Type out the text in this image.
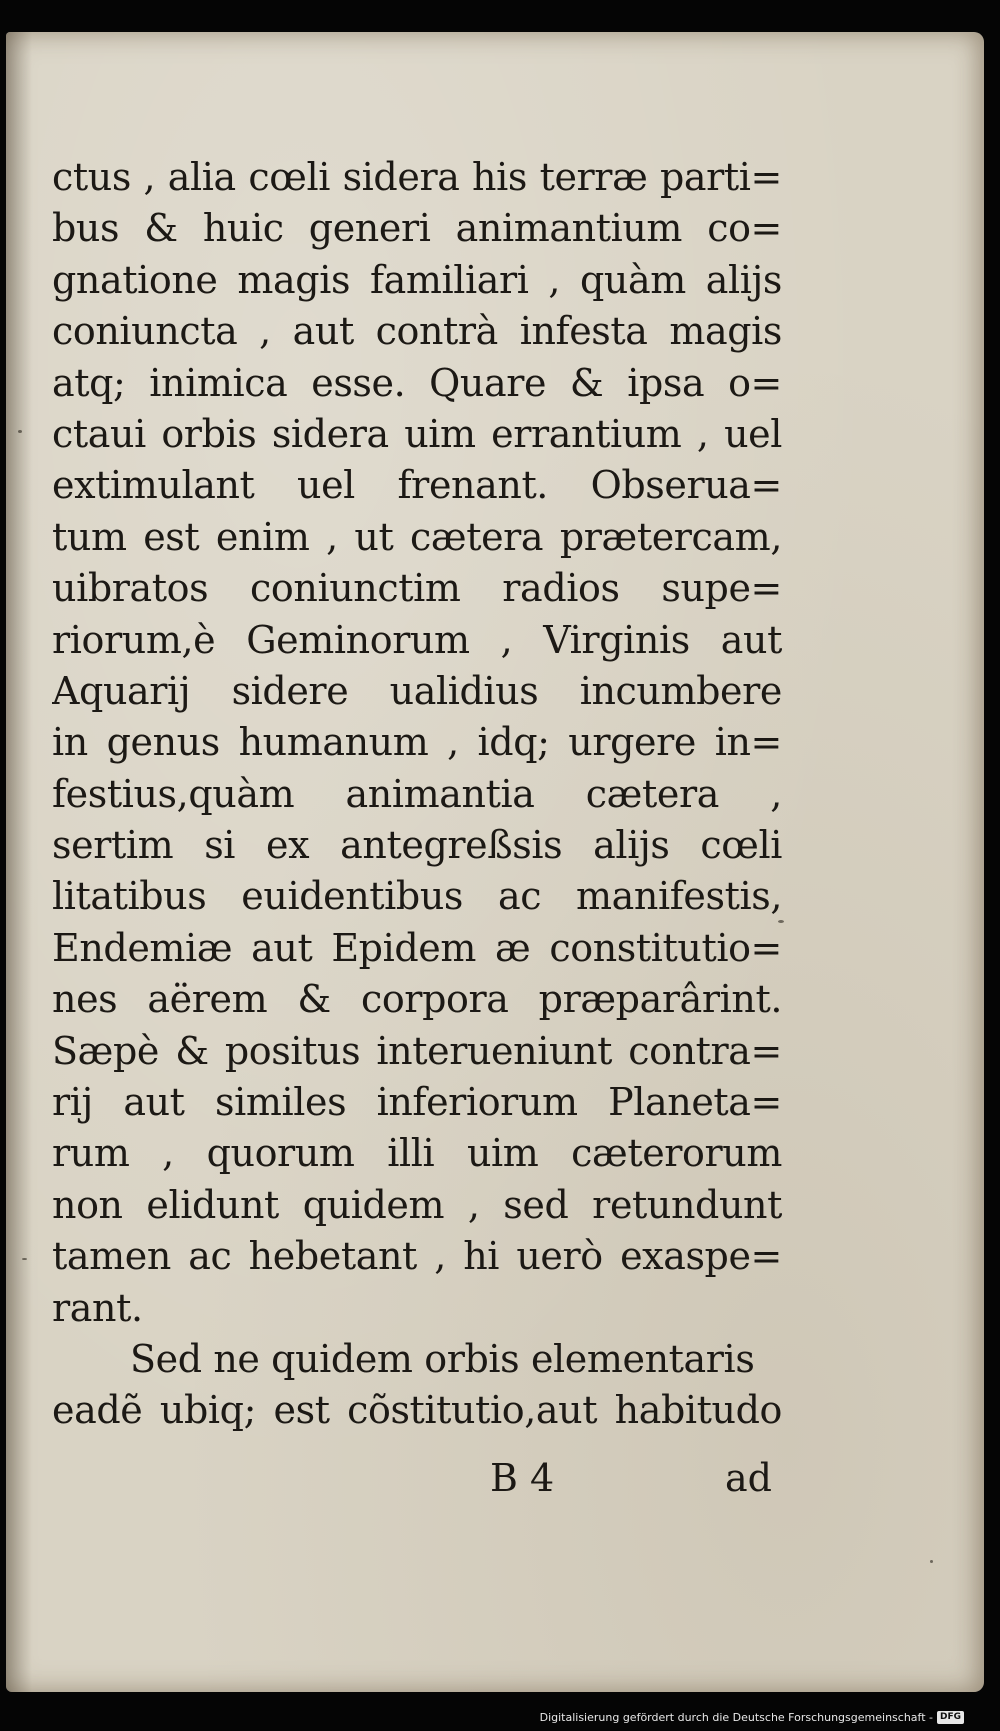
ctus , alia cœli sidera his terræ parti=
bus & huic generi animantium co=
gnatione magis familiari , quàm alijs
coniuncta , aut contrà infesta magis
atq; inimica esse. Quare & ipsa o=
ctaui orbis sidera uim errantium , uel
extimulant uel frenant. Obserua=
tum est enim , ut cætera prætercam,
uibratos coniunctim radios supe=
riorum,è Geminorum , Virginis aut
Aquarij sidere ualidius incumbere
in genus humanum , idq; urgere in=
festius,quàm animantia cætera ,
sertim si ex antegreßsis alijs cœli
litatibus euidentibus ac manifestis,
Endemiæ aut Epidem æ constitutio=
nes aërem & corpora præparârint.
Sæpè & positus interueniunt contra=
rij aut similes inferiorum Planeta=
rum , quorum illi uim cæterorum
non elidunt quidem , sed retundunt
tamen ac hebetant , hi uerò exaspe=
rant.
Sed ne quidem orbis elementaris
eadẽ ubiq; est cõstitutio,aut habitudo
B 4	ad
Digitalisierung gefördert durch die Deutsche Forschungsgemeinschaft - DFG
